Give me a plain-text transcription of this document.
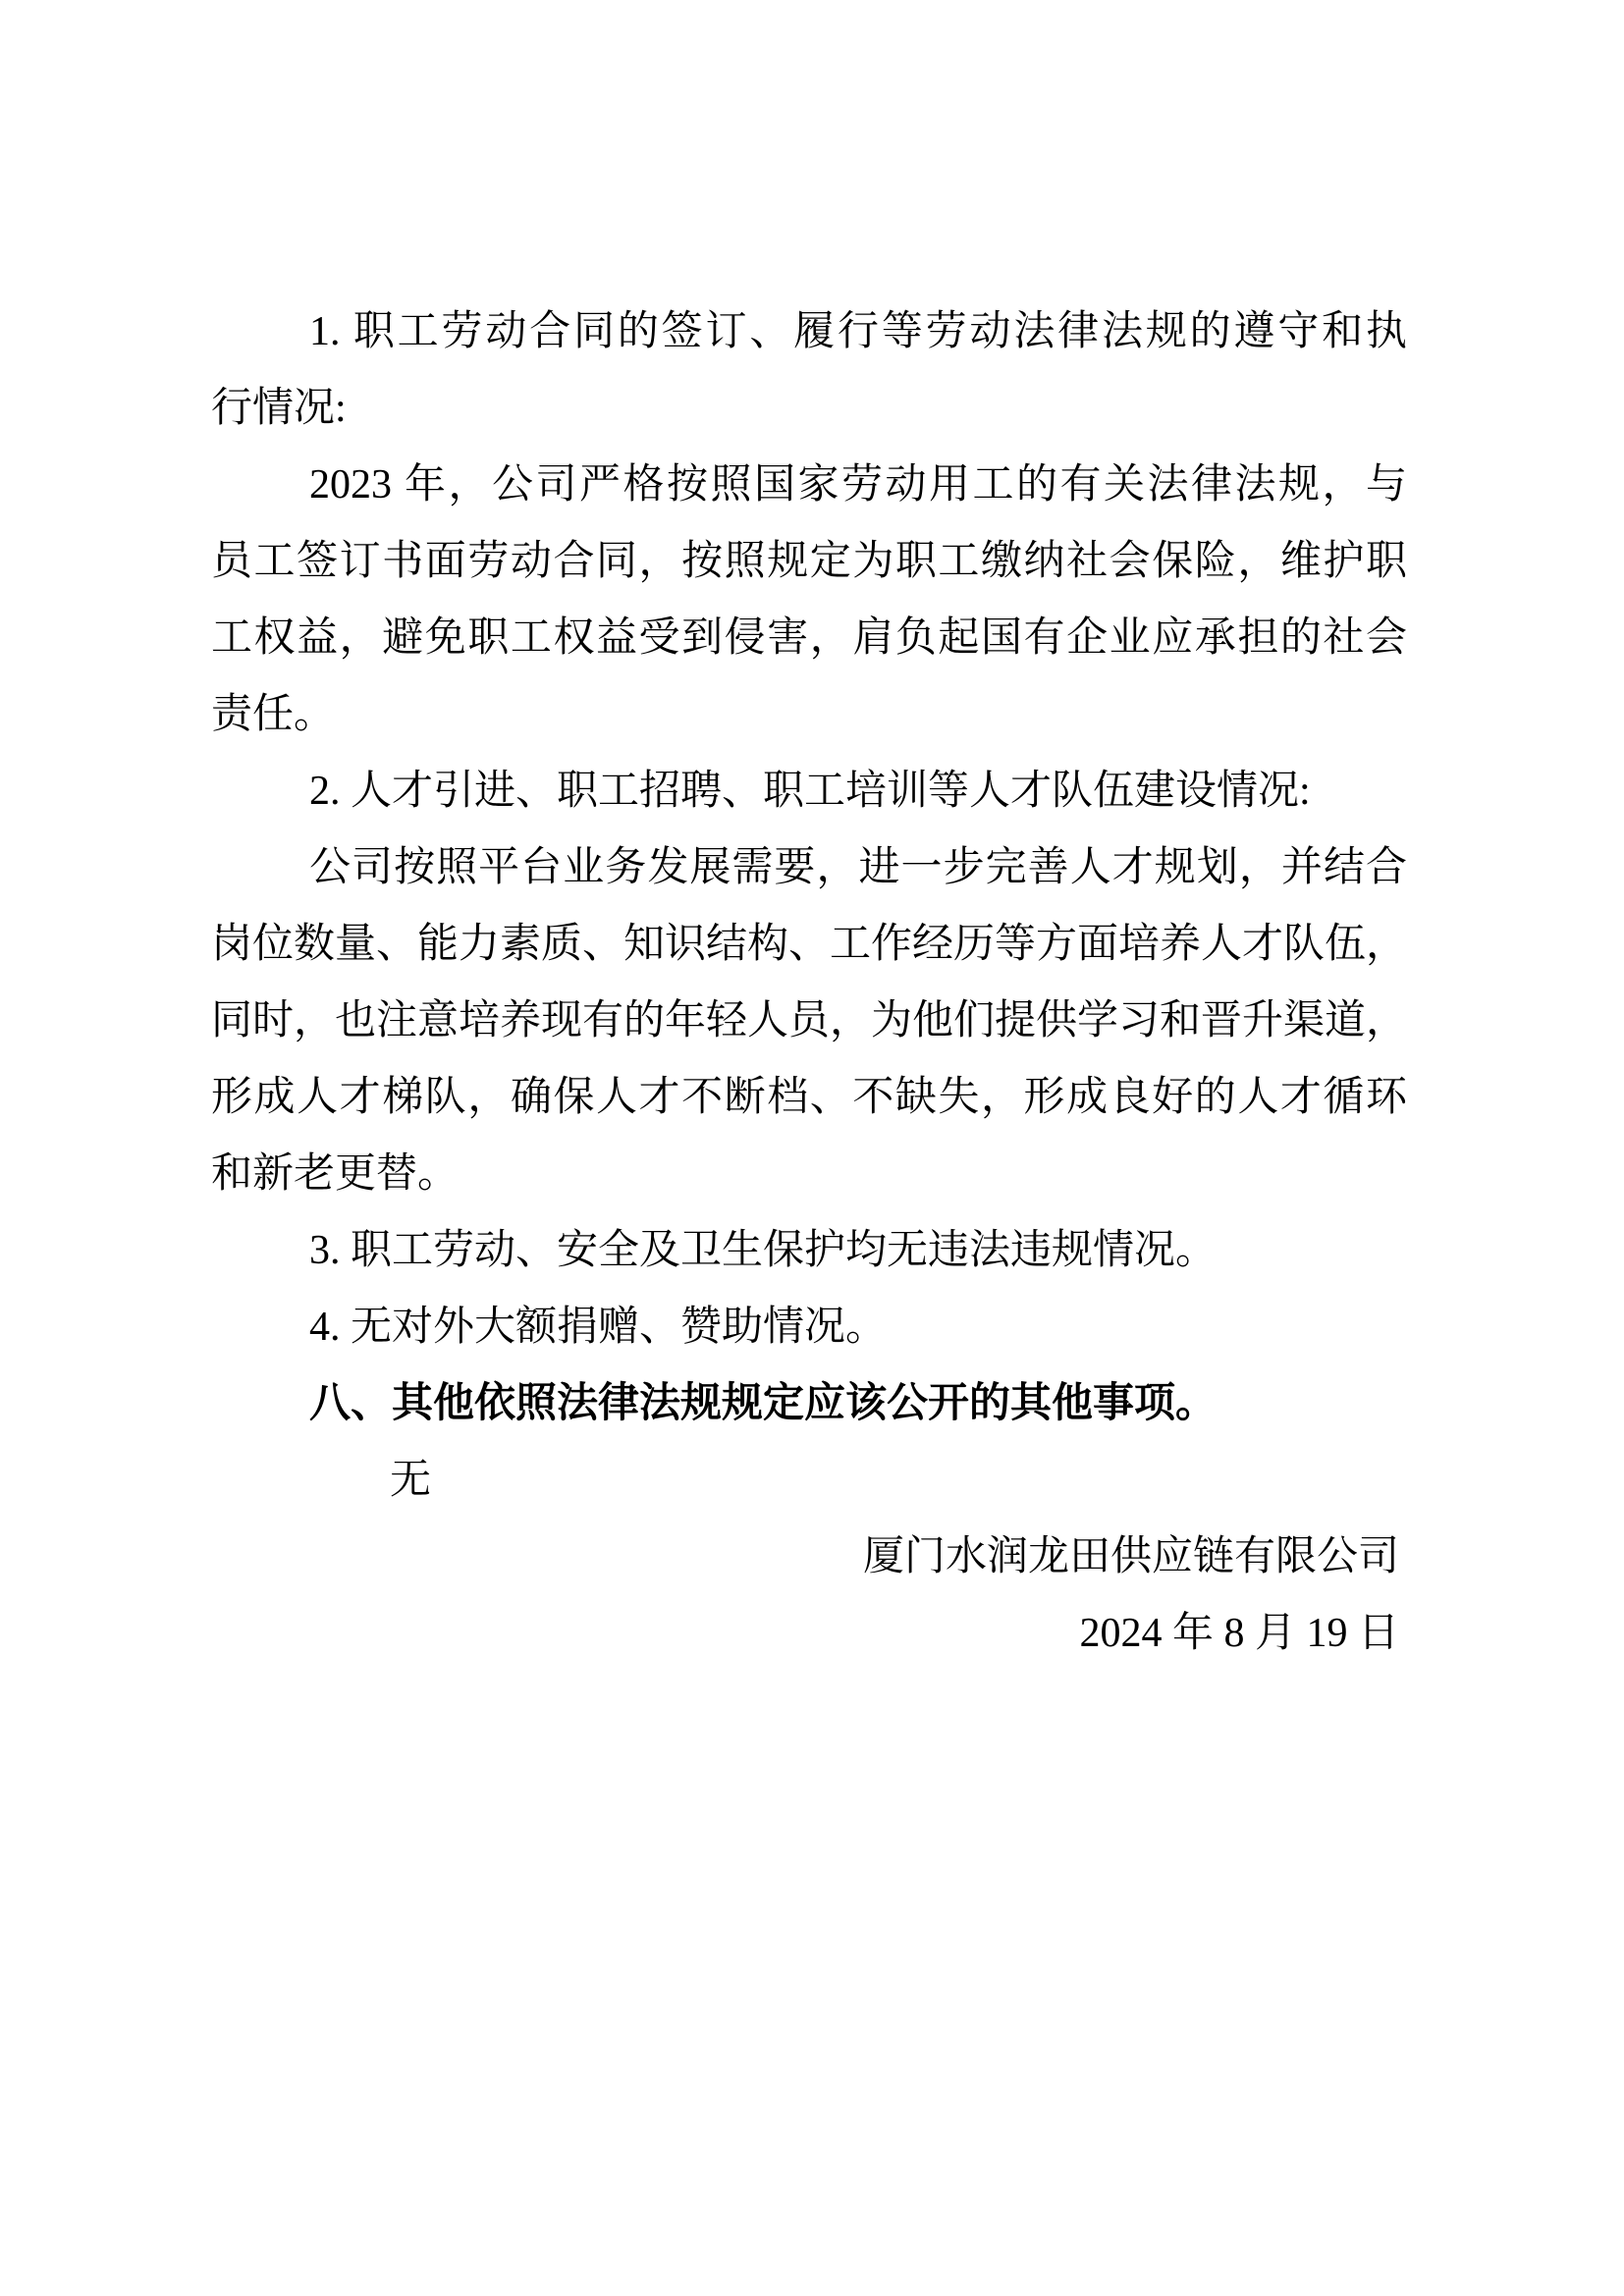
1. 职工劳动合同的签订、履行等劳动法律法规的遵守和执
行情况:
2023 年，公司严格按照国家劳动用工的有关法律法规，与
员工签订书面劳动合同，按照规定为职工缴纳社会保险，维护职
工权益，避免职工权益受到侵害，肩负起国有企业应承担的社会
责任。
2. 人才引进、职工招聘、职工培训等人才队伍建设情况:
公司按照平台业务发展需要，进一步完善人才规划，并结合
岗位数量、能力素质、知识结构、工作经历等方面培养人才队伍，
同时，也注意培养现有的年轻人员，为他们提供学习和晋升渠道，
形成人才梯队，确保人才不断档、不缺失，形成良好的人才循环
和新老更替。
3. 职工劳动、安全及卫生保护均无违法违规情况。
4. 无对外大额捐赠、赞助情况。
八、其他依照法律法规规定应该公开的其他事项。
无
厦门水润龙田供应链有限公司
2024 年 8 月 19 日
